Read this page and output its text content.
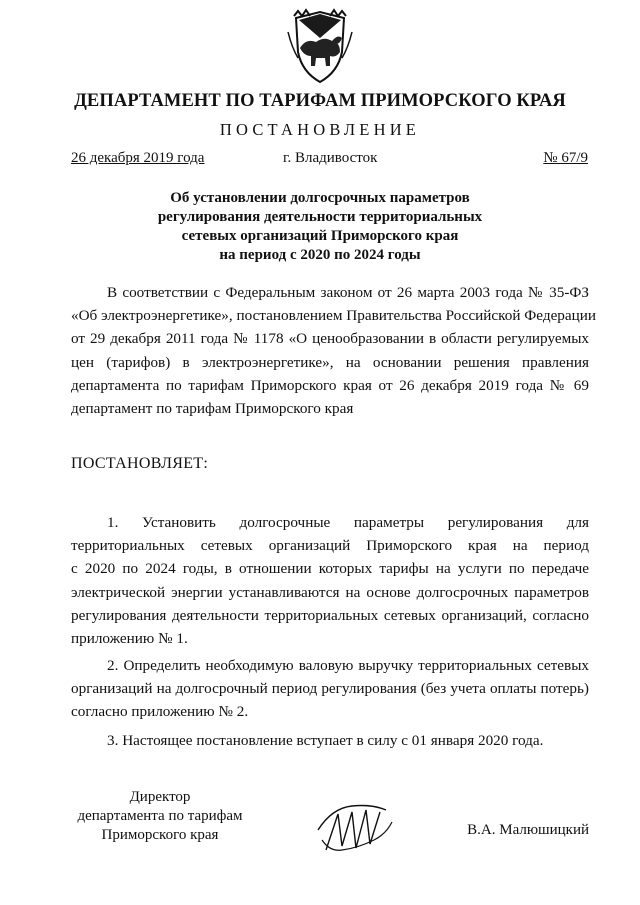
ДЕПАРТАМЕНТ ПО ТАРИФАМ ПРИМОРСКОГО КРАЯ
ПОСТАНОВЛЕНИЕ
26 декабря 2019 года	г. Владивосток	№ 67/9
Об установлении долгосрочных параметров
регулирования деятельности территориальных
сетевых организаций Приморского края
на период с 2020 по 2024 годы
В соответствии с Федеральным законом от 26 марта 2003 года № 35-ФЗ
«Об электроэнергетике», постановлением Правительства Российской Федерации
от 29 декабря 2011 года № 1178 «О ценообразовании в области регулируемых
цен (тарифов) в электроэнергетике», на основании решения правления
департамента по тарифам Приморского края от 26 декабря 2019 года № 69
департамент по тарифам Приморского края
ПОСТАНОВЛЯЕТ:
1. Установить долгосрочные параметры регулирования для
территориальных сетевых организаций Приморского края на период
с 2020 по 2024 годы, в отношении которых тарифы на услуги по передаче
электрической энергии устанавливаются на основе долгосрочных параметров
регулирования деятельности территориальных сетевых организаций, согласно
приложению № 1.
2. Определить необходимую валовую выручку территориальных сетевых
организаций на долгосрочный период регулирования (без учета оплаты потерь)
согласно приложению № 2.
3. Настоящее постановление вступает в силу с 01 января 2020 года.
Директор
департамента по тарифам
Приморского края	В.А. Малюшицкий
